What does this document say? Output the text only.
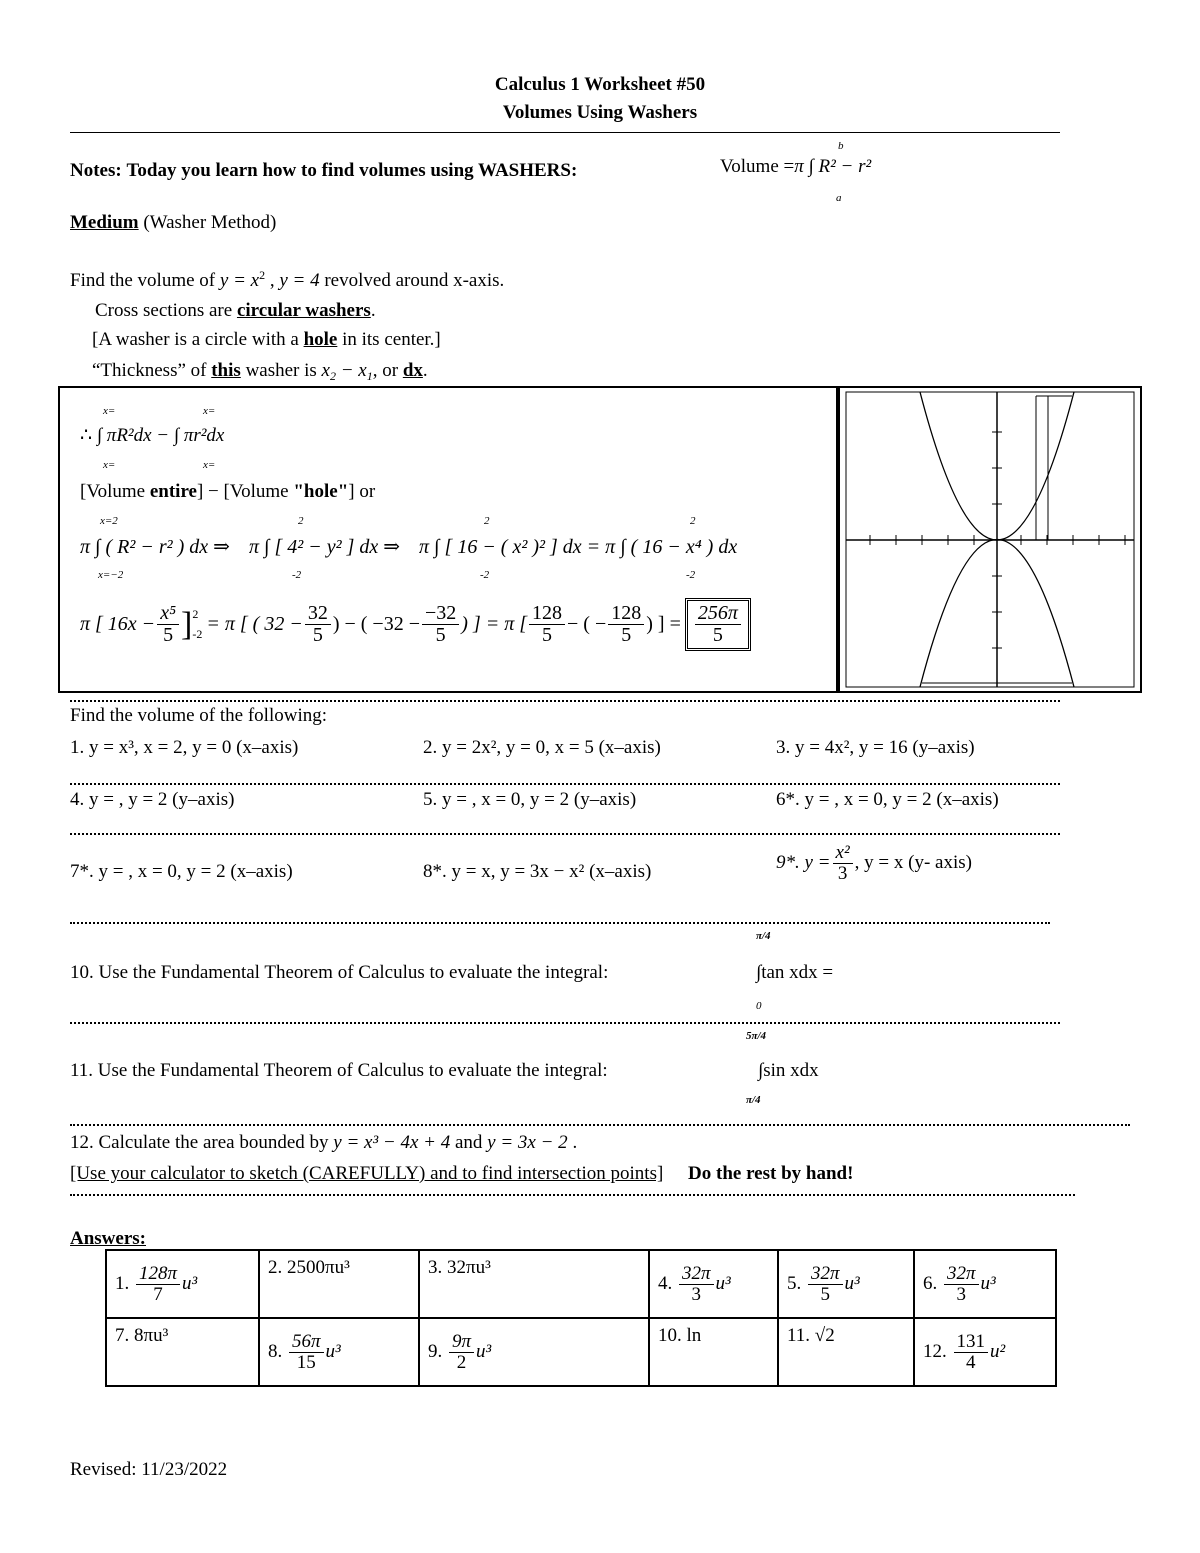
Calculus 1 Worksheet #50
Volumes Using Washers
Notes: Today you learn how to find volumes using WASHERS:	Volume =π ∫ R² − r²
b
a
Medium (Washer Method)
Find the volume of $y = x^2$ , y = 4 revolved around x-axis.
Cross sections are circular washers.
[A washer is a circle with a hole in its center.]
“Thickness” of this washer is $x_2 - x_1$, or dx.
x=	x=
∴ ∫ πR²dx − ∫ πr²dx
x=	x=
[Volume entire] − [Volume "hole"] or
x=2	2	2	2
π ∫ ( R² − r² ) dx ⇒ π ∫ [ 4² − y² ] dx ⇒ π ∫ [ 16 − ( x² )² ] dx = π ∫ ( 16 − x⁴ ) dx
x=−2	-2	-2	-2
π [ $16x - \frac{\text{x⁵}}{5}$ ] 2
-2 = π [ ( $32 - \frac{32}{5}$ ) − ( $-32 - \frac{-32}{5}$ ) ] = π [ $\frac{128}{5}$ − ( − $\frac{128}{5}$ ) ] = $\frac{256\pi}{5}$
Find the volume of the following:
1. y = x³, x = 2, y = 0 (x–axis)	2. y = 2x², y = 0, x = 5 (x–axis)	3. y = 4x², y = 16 (y–axis)
4. y = , y = 2 (y–axis)	5. y = , x = 0, y = 2 (y–axis)	6*. y = , x = 0, y = 2 (x–axis)
7*. y = , x = 0, y = 2 (x–axis)	8*. y = x, y = 3x − x² (x–axis)	9*. $y = \frac{\text{x²}}{3}$ , y = x (y- axis)
10. Use the Fundamental Theorem of Calculus to evaluate the integral:
π/4
∫tan xdx =
0
11. Use the Fundamental Theorem of Calculus to evaluate the integral:
5π/4
∫sin xdx
π/4
12. Calculate the area bounded by y = x³ − 4x + 4 and y = 3x − 2 .
[Use your calculator to sketch (CAREFULLY) and to find intersection points] Do the rest by hand!
Answers:
1. $\frac{128\pi}{7} u^3$	2. 2500πu³	3. 32πu³	4. $\frac{32\pi}{3} u^3$	5. $\frac{32\pi}{5} u^3$	6. $\frac{32\pi}{3} u^3$
7. 8πu³	8. $\frac{56\pi}{15} u^3$	9. $\frac{9\pi}{2} u^3$	10. ln	11. √2	12. $\frac{131}{4} u^2$
Revised: 11/23/2022
